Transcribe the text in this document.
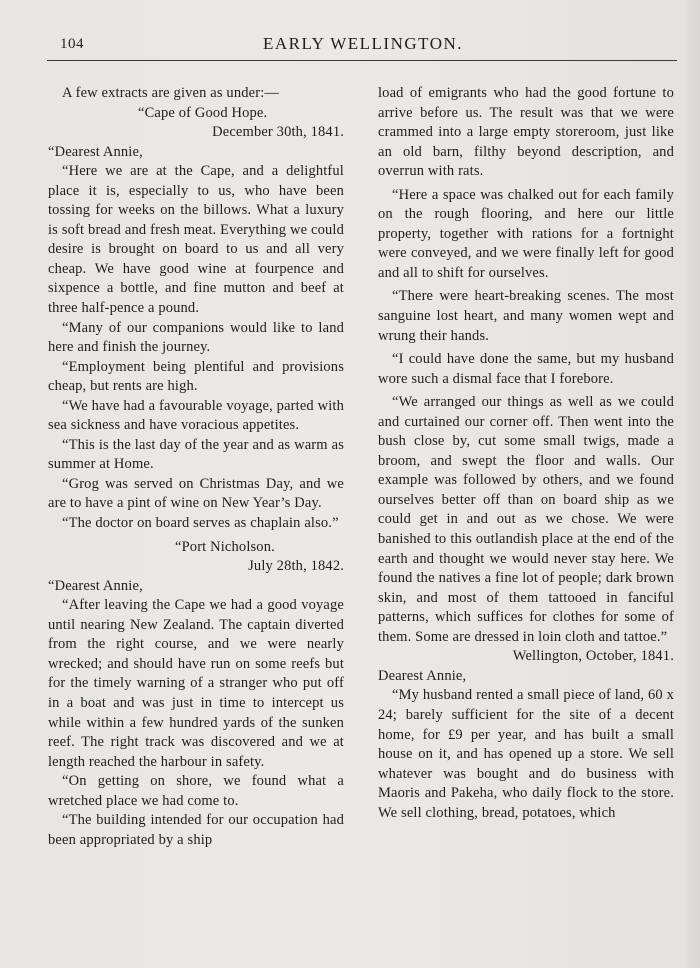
104	EARLY WELLINGTON.

A few extracts are given as under:—

“Cape of Good Hope.

December 30th, 1841.

“Dearest Annie,

“Here we are at the Cape, and a delightful place it is, especially to us, who have been tossing for weeks on the billows. What a luxury is soft bread and fresh meat. Everything we could desire is brought on board to us and all very cheap. We have good wine at fourpence and sixpence a bottle, and fine mutton and beef at three half-pence a pound.

“Many of our companions would like to land here and finish the journey.

“Employment being plentiful and provisions cheap, but rents are high.

“We have had a favourable voyage, parted with sea sickness and have voracious appetites.

“This is the last day of the year and as warm as summer at Home.

“Grog was served on Christmas Day, and we are to have a pint of wine on New Year’s Day.

“The doctor on board serves as chaplain also.”

“Port Nicholson.

July 28th, 1842.

“Dearest Annie,

“After leaving the Cape we had a good voyage until nearing New Zealand. The captain diverted from the right course, and we were nearly wrecked; and should have run on some reefs but for the timely warning of a stranger who put off in a boat and was just in time to intercept us while within a few hundred yards of the sunken reef. The right track was discovered and we at length reached the harbour in safety.

“On getting on shore, we found what a wretched place we had come to.

“The building intended for our occupation had been appropriated by a ship

load of emigrants who had the good fortune to arrive before us. The result was that we were crammed into a large empty storeroom, just like an old barn, filthy beyond description, and overrun with rats.

“Here a space was chalked out for each family on the rough flooring, and here our little property, together with rations for a fortnight were conveyed, and we were finally left for good and all to shift for ourselves.

“There were heart-breaking scenes. The most sanguine lost heart, and many women wept and wrung their hands.

“I could have done the same, but my husband wore such a dismal face that I forebore.

“We arranged our things as well as we could and curtained our corner off. Then went into the bush close by, cut some small twigs, made a broom, and swept the floor and walls. Our example was followed by others, and we found ourselves better off than on board ship as we could get in and out as we chose. We were banished to this outlandish place at the end of the earth and thought we would never stay here. We found the natives a fine lot of people; dark brown skin, and most of them tattooed in fanciful patterns, which suffices for clothes for some of them. Some are dressed in loin cloth and tattoe.”

Wellington, October, 1841.

Dearest Annie,

“My husband rented a small piece of land, 60 x 24; barely sufficient for the site of a decent home, for £9 per year, and has built a small house on it, and has opened up a store. We sell whatever was bought and do business with Maoris and Pakeha, who daily flock to the store. We sell clothing, bread, potatoes, which
